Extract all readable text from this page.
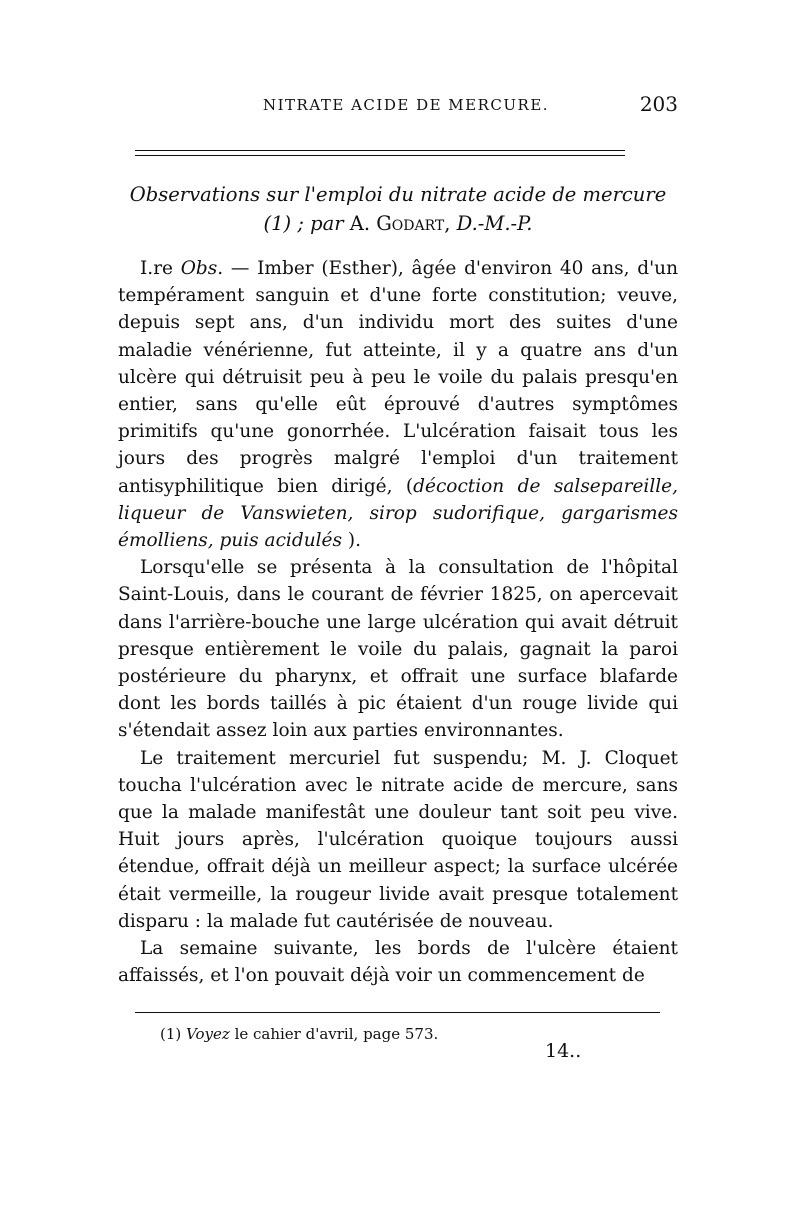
NITRATE ACIDE DE MERCURE.	203
Observations sur l'emploi du nitrate acide de mercure (1) ; par A. Godart, D.-M.-P.

I.re Obs. — Imber (Esther), âgée d'environ 40 ans, d'un tempérament sanguin et d'une forte constitution; veuve, depuis sept ans, d'un individu mort des suites d'une maladie vénérienne, fut atteinte, il y a quatre ans d'un ulcère qui détruisit peu à peu le voile du palais presqu'en entier, sans qu'elle eût éprouvé d'autres symptômes primitifs qu'une gonorrhée. L'ulcération faisait tous les jours des progrès malgré l'emploi d'un traitement antisyphilitique bien dirigé, (décoction de salsepareille, liqueur de Vanswieten, sirop sudorifique, gargarismes émolliens, puis acidulés ).

Lorsqu'elle se présenta à la consultation de l'hôpital Saint-Louis, dans le courant de février 1825, on apercevait dans l'arrière-bouche une large ulcération qui avait détruit presque entièrement le voile du palais, gagnait la paroi postérieure du pharynx, et offrait une surface blafarde dont les bords taillés à pic étaient d'un rouge livide qui s'étendait assez loin aux parties environnantes.

Le traitement mercuriel fut suspendu; M. J. Cloquet toucha l'ulcération avec le nitrate acide de mercure, sans que la malade manifestât une douleur tant soit peu vive. Huit jours après, l'ulcération quoique toujours aussi étendue, offrait déjà un meilleur aspect; la surface ulcérée était vermeille, la rougeur livide avait presque totalement disparu : la malade fut cautérisée de nouveau.

La semaine suivante, les bords de l'ulcère étaient affaissés, et l'on pouvait déjà voir un commencement de

(1) Voyez le cahier d'avril, page 573.
14..
